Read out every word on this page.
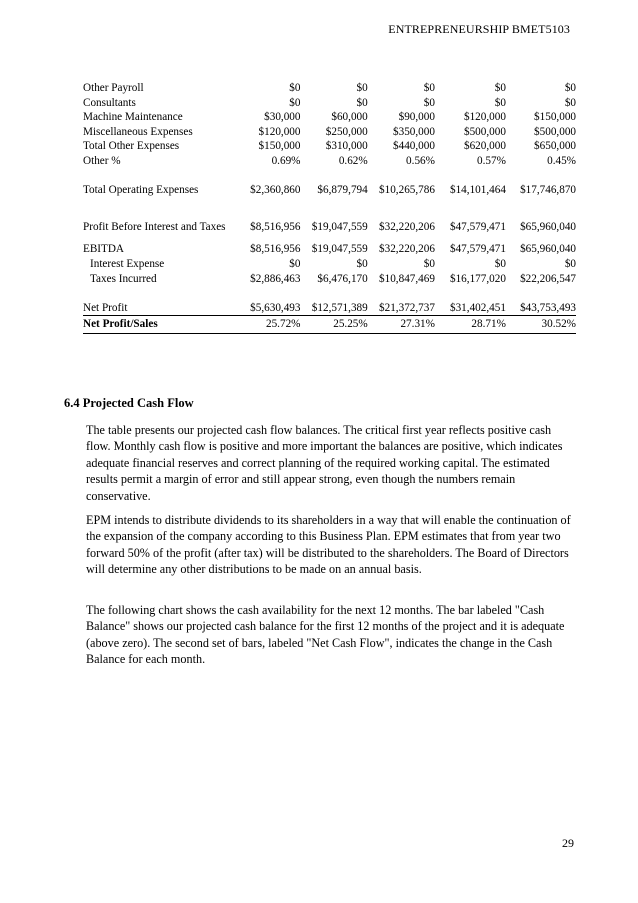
ENTREPRENEURSHIP BMET5103
Other Payroll	$0	$0	$0	$0	$0
Consultants	$0	$0	$0	$0	$0
Machine Maintenance	$30,000	$60,000	$90,000	$120,000	$150,000
Miscellaneous Expenses	$120,000	$250,000	$350,000	$500,000	$500,000
Total Other Expenses	$150,000	$310,000	$440,000	$620,000	$650,000
Other %	0.69%	0.62%	0.56%	0.57%	0.45%

Total Operating Expenses	$2,360,860	$6,879,794	$10,265,786	$14,101,464	$17,746,870

Profit Before Interest and Taxes	$8,516,956	$19,047,559	$32,220,206	$47,579,471	$65,960,040
EBITDA	$8,516,956	$19,047,559	$32,220,206	$47,579,471	$65,960,040
Interest Expense	$0	$0	$0	$0	$0
Taxes Incurred	$2,886,463	$6,476,170	$10,847,469	$16,177,020	$22,206,547

Net Profit	$5,630,493	$12,571,389	$21,372,737	$31,402,451	$43,753,493
Net Profit/Sales	25.72%	25.25%	27.31%	28.71%	30.52%
6.4 Projected Cash Flow

The table presents our projected cash flow balances. The critical first year reflects positive cash flow. Monthly cash flow is positive and more important the balances are positive, which indicates adequate financial reserves and correct planning of the required working capital. The estimated results permit a margin of error and still appear strong, even though the numbers remain conservative.

EPM intends to distribute dividends to its shareholders in a way that will enable the continuation of the expansion of the company according to this Business Plan. EPM estimates that from year two forward 50% of the profit (after tax) will be distributed to the shareholders. The Board of Directors will determine any other distributions to be made on an annual basis.

The following chart shows the cash availability for the next 12 months. The bar labeled "Cash Balance" shows our projected cash balance for the first 12 months of the project and it is adequate (above zero). The second set of bars, labeled "Net Cash Flow", indicates the change in the Cash Balance for each month.

29
